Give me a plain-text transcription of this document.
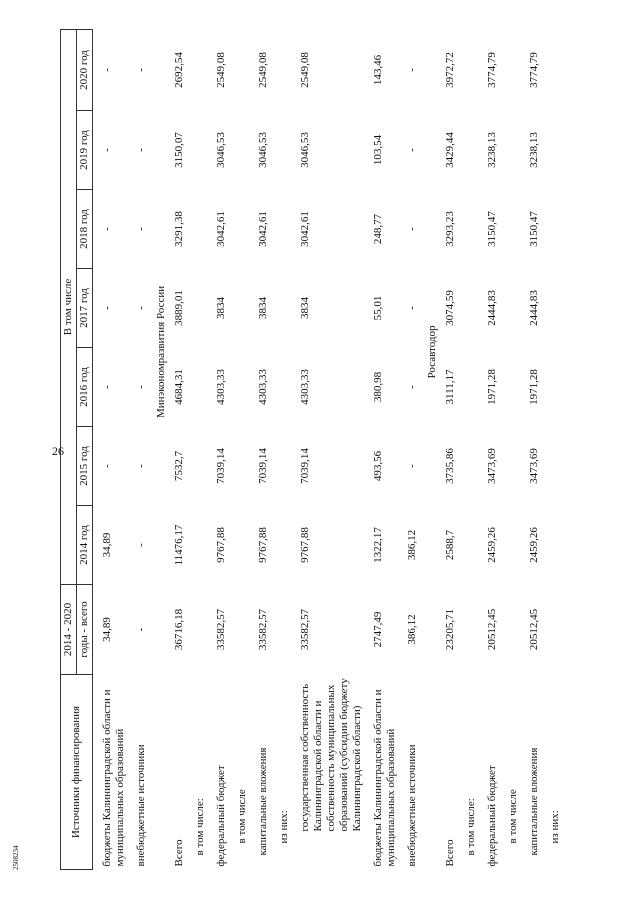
26
2508234
Источники финансирования	2014 - 2020	В том числе						
	годы - всего	2014 год	2015 год	2016 год	2017 год	2018 год	2019 год	2020 год
бюджеты Калининградской области и муниципальных образований	34,89	34,89	-	-	-	-	-	-
внебюджетные источники	-	-	-	-	-	-	-	-
	Минэкономразвития России							
Всего	36716,18	11476,17	7532,7	4684,31	3889,01	3291,38	3150,07	2692,54
в том числе:								
федеральный бюджет	33582,57	9767,88	7039,14	4303,33	3834	3042,61	3046,53	2549,08
в том числе								
капитальные вложения	33582,57	9767,88	7039,14	4303,33	3834	3042,61	3046,53	2549,08
из них:								
государственная собственность Калининградской области и собственность муниципальных образований (субсидии бюджету Калининградской области)	33582,57	9767,88	7039,14	4303,33	3834	3042,61	3046,53	2549,08
бюджеты Калининградской области и муниципальных образований	2747,49	1322,17	493,56	380,98	55,01	248,77	103,54	143,46
внебюджетные источники	386,12	386,12	-	-	-	-	-	-
	Росавтодор							
Всего	23205,71	2588,7	3735,86	3111,17	3074,59	3293,23	3429,44	3972,72
в том числе:								
федеральный бюджет	20512,45	2459,26	3473,69	1971,28	2444,83	3150,47	3238,13	3774,79
в том числе								
капитальные вложения	20512,45	2459,26	3473,69	1971,28	2444,83	3150,47	3238,13	3774,79
из них:								
